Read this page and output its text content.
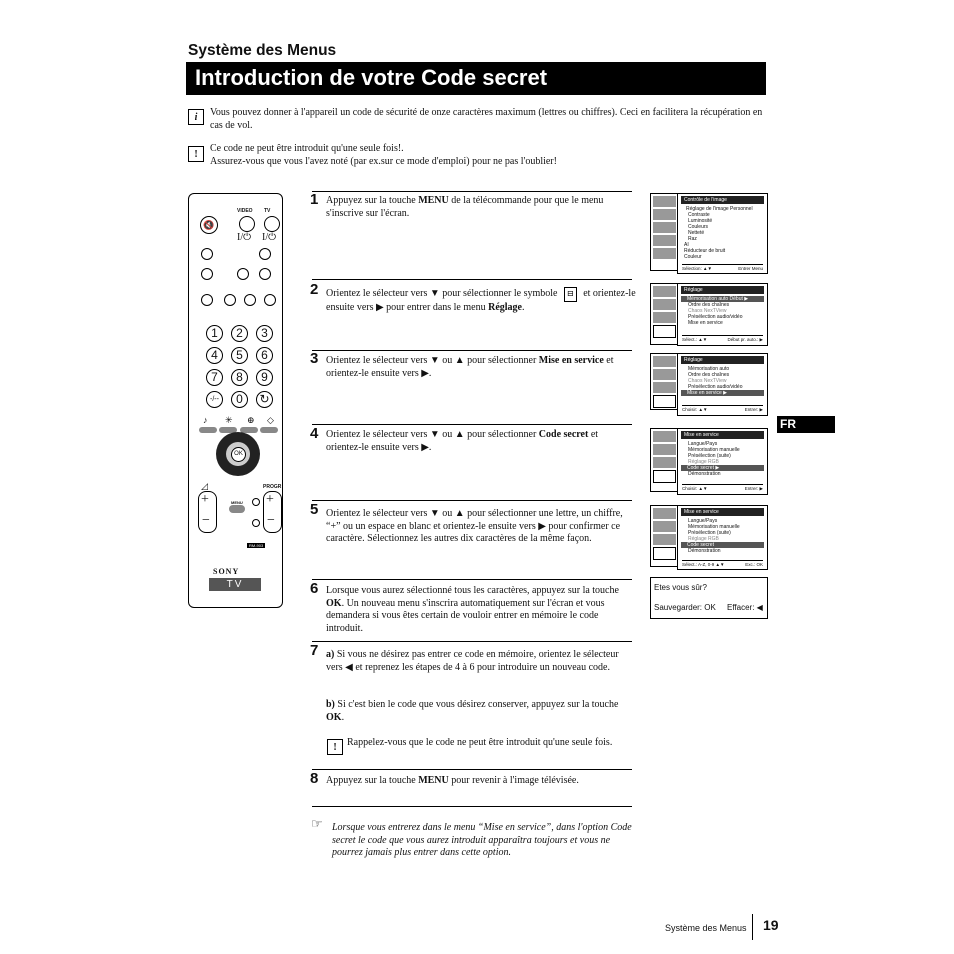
Système des Menus
Introduction de votre Code secret
i Vous pouvez donner à l'appareil un code de sécurité de onze caractères maximum (lettres ou chiffres). Ceci en facilitera la récupération en cas de vol.
! Ce code ne peut être introduit qu'une seule fois!.
Assurez-vous que vous l'avez noté (par ex.sur ce mode d'emploi) pour ne pas l'oublier!
VIDEO TV
🔇
I/⏻ I/⏻
1	2	3
4	5	6
7	8	9
-/--	0	↻
♪ ✳ ⊕ ◇
OK
◿	PROGR
+
−
+
−
MENU
RM-903
SONY
TV
1 Appuyez sur la touche MENU de la télécommande pour que le menu s'inscrive sur l'écran.
2 Orientez le sélecteur vers ▼ pour sélectionner le symbole ⊟ et orientez-le ensuite vers ▶ pour entrer dans le menu Réglage.
3 Orientez le sélecteur vers ▼ ou ▲ pour sélectionner Mise en service et orientez-le ensuite vers ▶.
4 Orientez le sélecteur vers ▼ ou ▲ pour sélectionner Code secret et orientez-le ensuite vers ▶.
5 Orientez le sélecteur vers ▼ ou ▲ pour sélectionner une lettre, un chiffre, “+” ou un espace en blanc et orientez-le ensuite vers ▶ pour confirmer ce caractère. Sélectionnez les autres dix caractères de la même façon.
6 Lorsque vous aurez sélectionné tous les caractères, appuyez sur la touche OK. Un nouveau menu s'inscrira automatiquement sur l'écran et vous demandera si vous êtes certain de vouloir entrer en mémoire le code introduit.
7 a) Si vous ne désirez pas entrer ce code en mémoire, orientez le sélecteur vers ◀ et reprenez les étapes de 4 à 6 pour introduire un nouveau code.
b) Si c'est bien le code que vous désirez conserver, appuyez sur la touche OK.
! Rappelez-vous que le code ne peut être introduit qu'une seule fois.
8 Appuyez sur la touche MENU pour revenir à l'image télévisée.
☞ Lorsque vous entrerez dans le menu “Mise en service”, dans l'option Code secret le code que vous aurez introduit apparaîtra toujours et vous ne pourrez jamais plus entrer dans cette option.
Contrôle de l'image
Réglage de l'image Personnel
Contraste
Luminosité
Couleurs
Netteté
Raz
AI
Réducteur de bruit
Couleur
Sélection: ▲▼	Entrer Menu
Réglage
Mémorisation auto Début ▶
Ordre des chaînes
Chaos NexTView
Présélection audio/vidéo
Mise en service
Sélect.: ▲▼	Début pr. auto.: ▶
Réglage
Mémorisation auto
Ordre des chaînes
Chaos NexTView
Présélection audio/vidéo
Mise en service ▶
Choisir: ▲▼	Entrer: ▶
Mise en service
Langue/Pays
Mémorisation manuelle
Présélection (suite)
Réglage RGB
Code secret ▶
Démonstration
Choisir: ▲▼	Entrer: ▶
Mise en service
Langue/Pays
Mémorisation manuelle
Présélection (suite)
Réglage RGB
Code secret
Démonstration
Sélect.: A-Z, 0-9 ▲▼	Exc.: OK
Etes vous sûr?
Sauvegarder: OK Effacer: ◀
FR
Système des Menus 19
